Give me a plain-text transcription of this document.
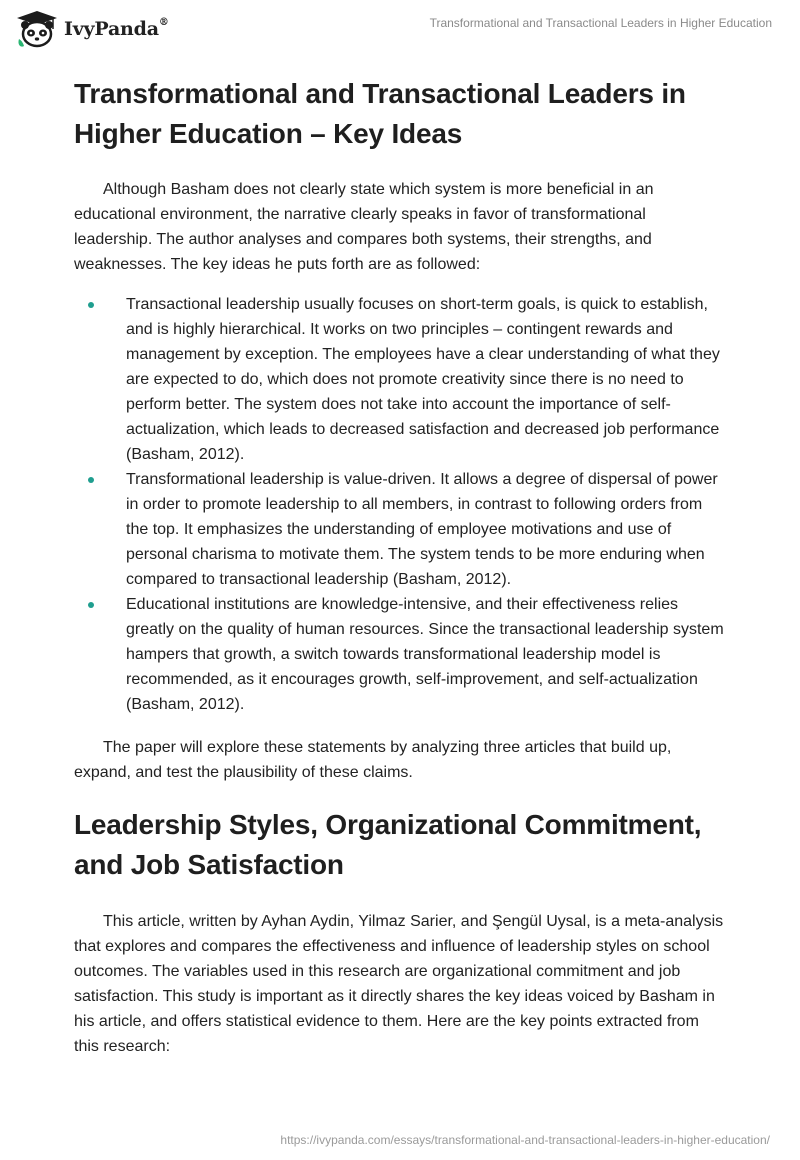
IvyPanda®	Transformational and Transactional Leaders in Higher Education
Transformational and Transactional Leaders in Higher Education – Key Ideas

Although Basham does not clearly state which system is more beneficial in an educational environment, the narrative clearly speaks in favor of transformational leadership. The author analyses and compares both systems, their strengths, and weaknesses. The key ideas he puts forth are as followed:

Transactional leadership usually focuses on short-term goals, is quick to establish, and is highly hierarchical. It works on two principles – contingent rewards and management by exception. The employees have a clear understanding of what they are expected to do, which does not promote creativity since there is no need to perform better. The system does not take into account the importance of self-actualization, which leads to decreased satisfaction and decreased job performance (Basham, 2012).
Transformational leadership is value-driven. It allows a degree of dispersal of power in order to promote leadership to all members, in contrast to following orders from the top. It emphasizes the understanding of employee motivations and use of personal charisma to motivate them. The system tends to be more enduring when compared to transactional leadership (Basham, 2012).
Educational institutions are knowledge-intensive, and their effectiveness relies greatly on the quality of human resources. Since the transactional leadership system hampers that growth, a switch towards transformational leadership model is recommended, as it encourages growth, self-improvement, and self-actualization (Basham, 2012).

The paper will explore these statements by analyzing three articles that build up, expand, and test the plausibility of these claims.

Leadership Styles, Organizational Commitment, and Job Satisfaction

This article, written by Ayhan Aydin, Yilmaz Sarier, and Şengül Uysal, is a meta-analysis that explores and compares the effectiveness and influence of leadership styles on school outcomes. The variables used in this research are organizational commitment and job satisfaction. This study is important as it directly shares the key ideas voiced by Basham in his article, and offers statistical evidence to them. Here are the key points extracted from this research:

https://ivypanda.com/essays/transformational-and-transactional-leaders-in-higher-education/
